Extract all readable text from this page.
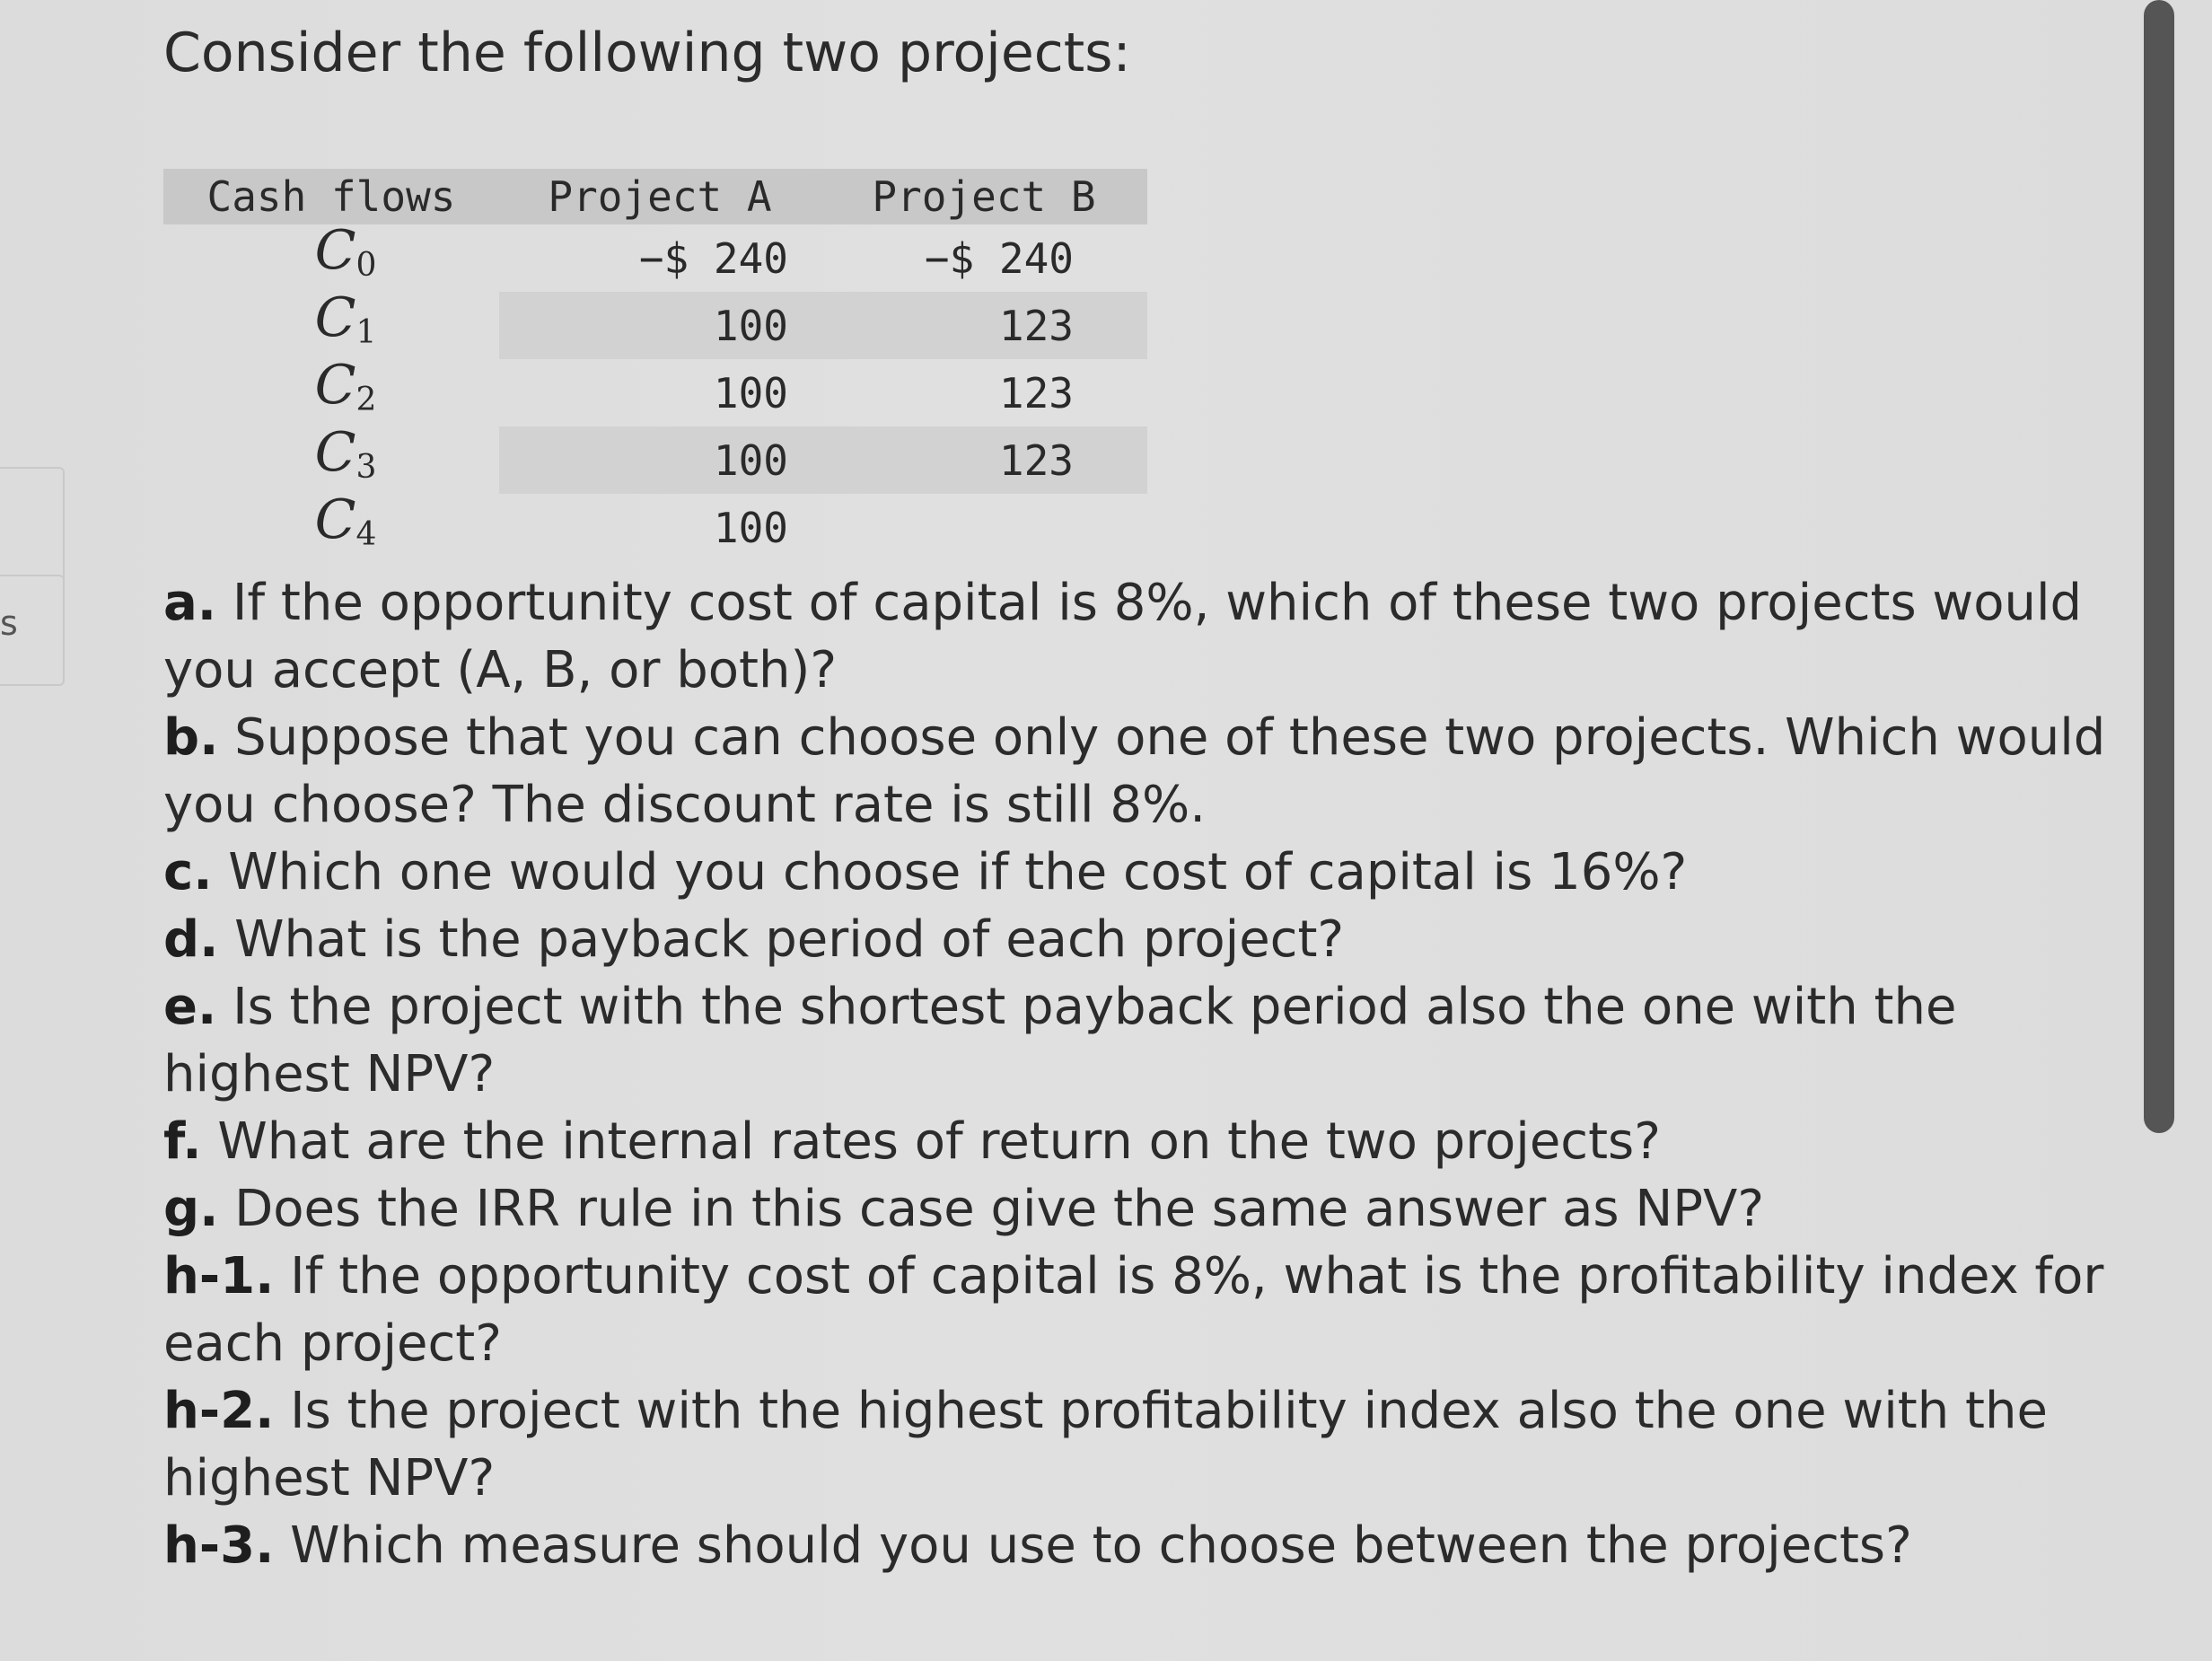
s
Consider the following two projects:
Cash flows	Project A	Project B
$C_0$	−$ 240	−$ 240
$C_1$	100	123
$C_2$	100	123
$C_3$	100	123
$C_4$	100	

a. If the opportunity cost of capital is 8%, which of these two projects would you accept (A, B, or both)?

b. Suppose that you can choose only one of these two projects. Which would you choose? The discount rate is still 8%.

c. Which one would you choose if the cost of capital is 16%?

d. What is the payback period of each project?

e. Is the project with the shortest payback period also the one with the highest NPV?

f. What are the internal rates of return on the two projects?

g. Does the IRR rule in this case give the same answer as NPV?

h-1. If the opportunity cost of capital is 8%, what is the profitability index for each project?

h-2. Is the project with the highest profitability index also the one with the highest NPV?

h-3. Which measure should you use to choose between the projects?
